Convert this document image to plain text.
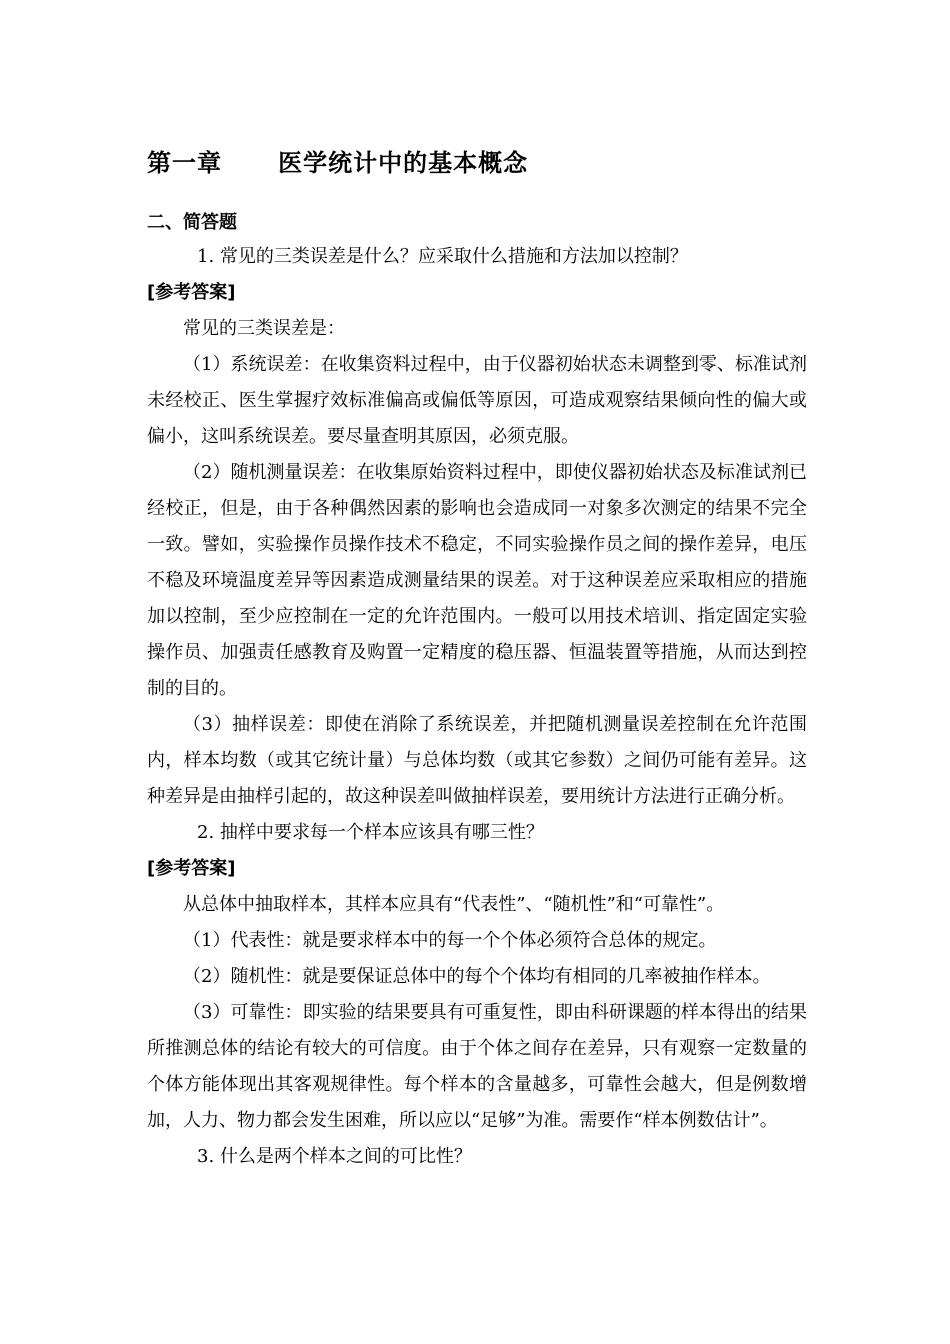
第一章      医学统计中的基本概念
二、简答题

1. 常见的三类误差是什么？应采取什么措施和方法加以控制？

[参考答案]

常见的三类误差是：

（1）系统误差：在收集资料过程中，由于仪器初始状态未调整到零、标准试剂未经校正、医生掌握疗效标准偏高或偏低等原因，可造成观察结果倾向性的偏大或偏小，这叫系统误差。要尽量查明其原因，必须克服。

（2）随机测量误差：在收集原始资料过程中，即使仪器初始状态及标准试剂已经校正，但是，由于各种偶然因素的影响也会造成同一对象多次测定的结果不完全一致。譬如，实验操作员操作技术不稳定，不同实验操作员之间的操作差异，电压不稳及环境温度差异等因素造成测量结果的误差。对于这种误差应采取相应的措施加以控制，至少应控制在一定的允许范围内。一般可以用技术培训、指定固定实验操作员、加强责任感教育及购置一定精度的稳压器、恒温装置等措施，从而达到控制的目的。

（3）抽样误差：即使在消除了系统误差，并把随机测量误差控制在允许范围内，样本均数（或其它统计量）与总体均数（或其它参数）之间仍可能有差异。这种差异是由抽样引起的，故这种误差叫做抽样误差，要用统计方法进行正确分析。

2. 抽样中要求每一个样本应该具有哪三性？

[参考答案]

从总体中抽取样本，其样本应具有“代表性”、“随机性”和“可靠性”。

（1）代表性：就是要求样本中的每一个个体必须符合总体的规定。

（2）随机性：就是要保证总体中的每个个体均有相同的几率被抽作样本。

（3）可靠性：即实验的结果要具有可重复性，即由科研课题的样本得出的结果所推测总体的结论有较大的可信度。由于个体之间存在差异，只有观察一定数量的个体方能体现出其客观规律性。每个样本的含量越多，可靠性会越大，但是例数增加，人力、物力都会发生困难，所以应以“足够”为准。需要作“样本例数估计”。

3. 什么是两个样本之间的可比性？
